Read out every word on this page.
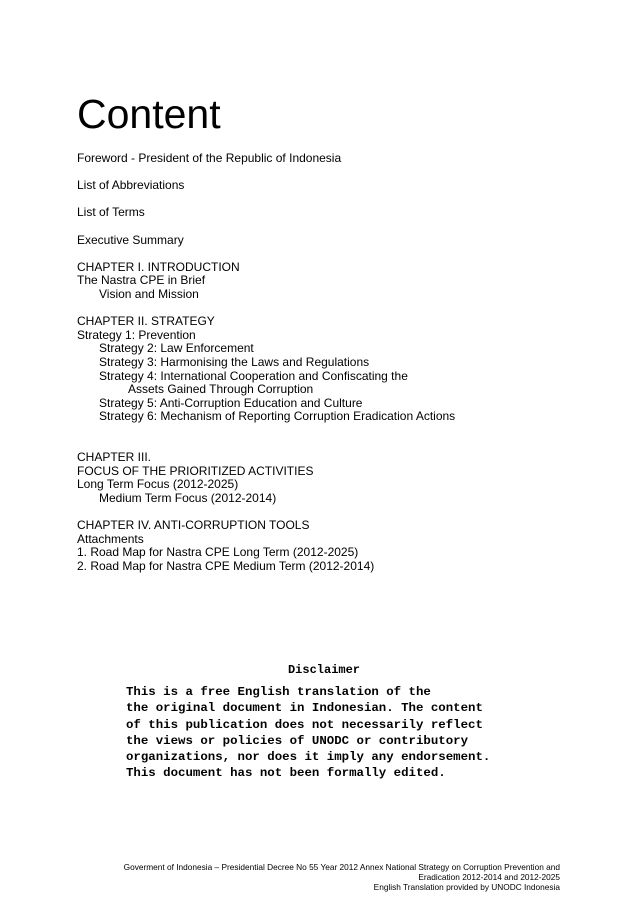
Content
Foreword - President of the Republic of Indonesia
List of Abbreviations
List of Terms
Executive Summary
CHAPTER I. INTRODUCTION
The Nastra CPE in Brief
Vision and Mission
CHAPTER II. STRATEGY
Strategy 1: Prevention
Strategy 2: Law Enforcement
Strategy 3: Harmonising the Laws and Regulations
Strategy 4: International Cooperation and Confiscating the
Assets Gained Through Corruption
Strategy 5: Anti-Corruption Education and Culture
Strategy 6: Mechanism of Reporting Corruption Eradication Actions
CHAPTER III.
FOCUS OF THE PRIORITIZED ACTIVITIES
Long Term Focus (2012-2025)
Medium Term Focus (2012-2014)
CHAPTER IV. ANTI-CORRUPTION TOOLS
Attachments
1. Road Map for Nastra CPE Long Term (2012-2025)
2. Road Map for Nastra CPE Medium Term (2012-2014)
Disclaimer
This is a free English translation of the
the original document in Indonesian. The content
of this publication does not necessarily reflect
the views or policies of UNODC or contributory
organizations, nor does it imply any endorsement.
This document has not been formally edited.
Goverment of Indonesia – Presidential Decree No 55 Year 2012 Annex National Strategy on Corruption Prevention and
Eradication 2012-2014 and 2012-2025
English Translation provided by UNODC Indonesia
